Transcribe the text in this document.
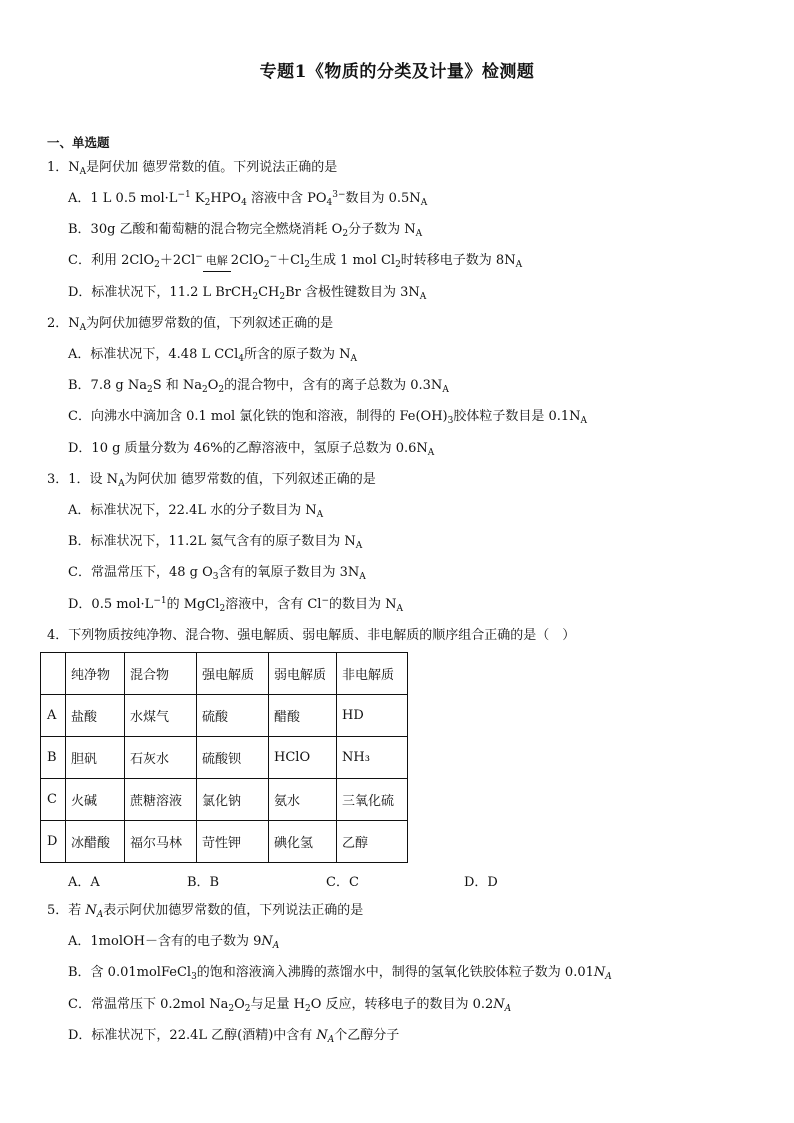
专题1《物质的分类及计量》检测题
一、单选题
1．$N_A$是阿伏加 德罗常数的值。下列说法正确的是
A．1 L 0.5 $mol\cdot L^{-1}$ $K_2HPO_4$ 溶液中含 $PO_4^{3-}$数目为 $0.5N_A$
B．30g 乙酸和葡萄糖的混合物完全燃烧消耗 $O_2$分子数为 $N_A$
C．利用 2ClO$_2$＋2Cl− 电解 $2ClO_2^-+Cl_2$生成 1 mol $Cl_2$时转移电子数为 $8N_A$
D．标准状况下，11.2 L $BrCH_2CH_2Br$ 含极性键数目为 $3N_A$
2．$N_A$为阿伏加德罗常数的值，下列叙述正确的是
A．标准状况下，4.48 L CCl$_4$所含的原子数为 $N_A$
B．7.8 g $Na_2S$ 和 $Na_2O_2$的混合物中，含有的离子总数为 $0.3N_A$
C．向沸水中滴加含 0.1 mol 氯化铁的饱和溶液，制得的 $Fe(OH)_3$胶体粒子数目是 $0.1N_A$
D．10 g 质量分数为 46%的乙醇溶液中，氢原子总数为 $0.6N_A$
3．1．设 $N_A$为阿伏加 德罗常数的值，下列叙述正确的是
A．标准状况下，22.4L 水的分子数目为 $N_A$
B．标准状况下，11.2L 氦气含有的原子数目为 $N_A$
C．常温常压下，48 g $O_3$含有的氧原子数目为 $3N_A$
D．0.5 $mol\cdot L^{-1}$的 MgCl$_2$溶液中，含有 Cl−的数目为 $N_A$
4．下列物质按纯净物、混合物、强电解质、弱电解质、非电解质的顺序组合正确的是（　）
	纯净物	混合物	强电解质	弱电解质	非电解质
A	盐酸	水煤气	硫酸	醋酸	HD
B	胆矾	石灰水	硫酸钡	HClO	NH₃
C	火碱	蔗糖溶液	氯化钠	氨水	三氧化硫
D	冰醋酸	福尔马林	苛性钾	碘化氢	乙醇
A．A	B．B	C．C	D．D
5．若 $N_A$表示阿伏加德罗常数的值，下列说法正确的是
A．1molOH－含有的电子数为 $9N_A$
B．含 0.01molFeCl$_3$的饱和溶液滴入沸腾的蒸馏水中，制得的氢氧化铁胶体粒子数为 $0.01N_A$
C．常温常压下 0.2mol $Na_2O_2$与足量 $H_2O$ 反应，转移电子的数目为 $0.2N_A$
D．标准状况下，22.4L 乙醇(酒精)中含有 $N_A$个乙醇分子
